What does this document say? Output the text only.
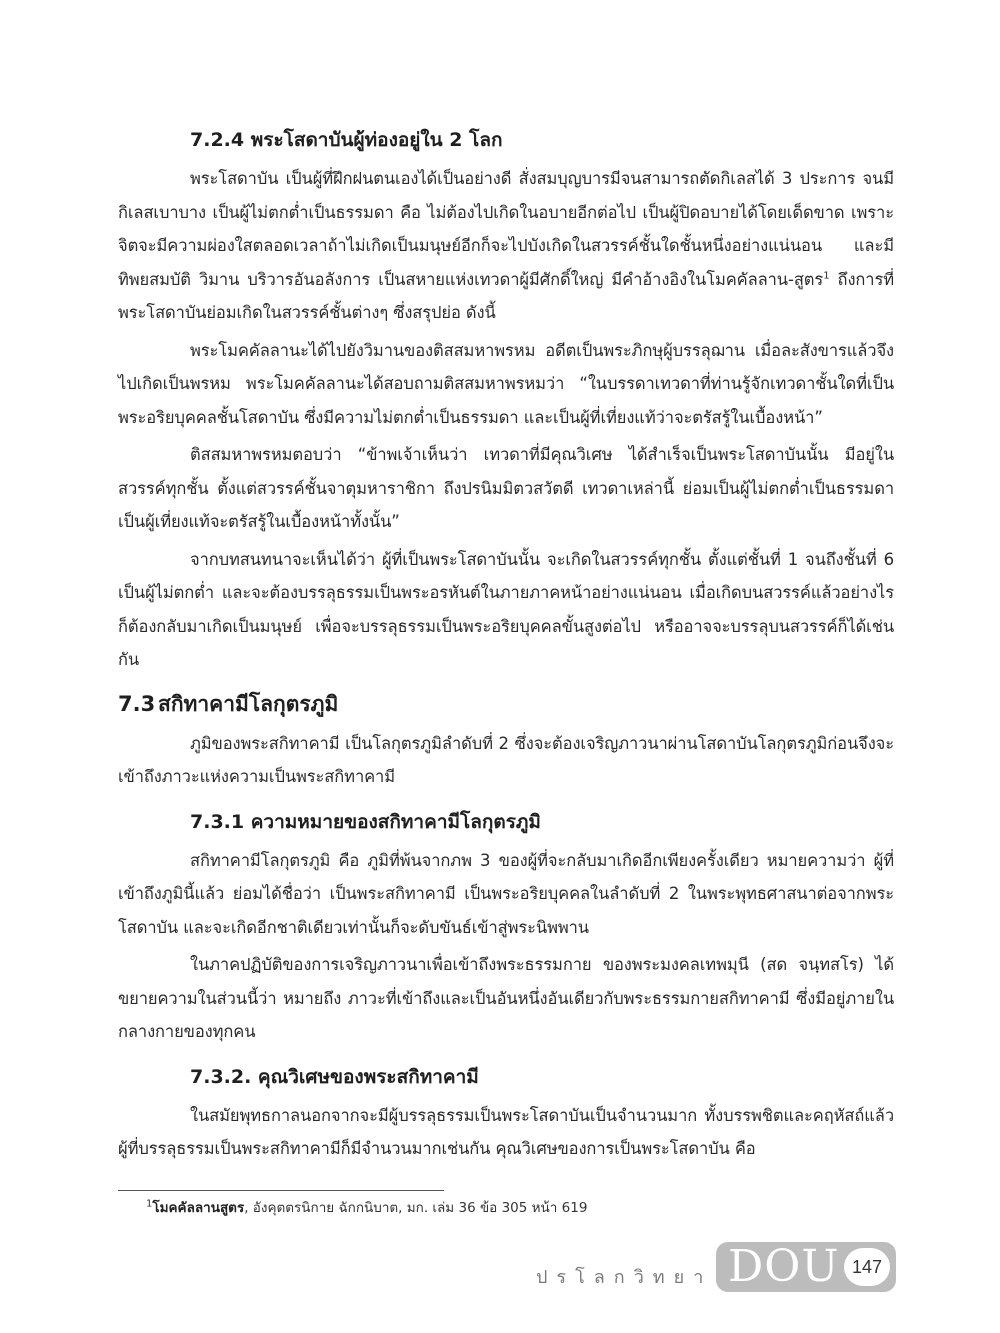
7.2.4 พระโสดาบันผู้ท่องอยู่ใน 2 โลก

พระโสดาบัน เป็นผู้ที่ฝึกฝนตนเองได้เป็นอย่างดี สั่งสมบุญบารมีจนสามารถตัดกิเลสได้ 3 ประการ จนมีกิเลสเบาบาง เป็นผู้ไม่ตกต่ำเป็นธรรมดา คือ ไม่ต้องไปเกิดในอบายอีกต่อไป เป็นผู้ปิดอบายได้โดยเด็ดขาด เพราะจิตจะมีความผ่องใสตลอดเวลาถ้าไม่เกิดเป็นมนุษย์อีกก็จะไปบังเกิดในสวรรค์ชั้นใดชั้นหนึ่งอย่างแน่นอน และมีทิพยสมบัติ วิมาน บริวารอันอลังการ เป็นสหายแห่งเทวดาผู้มีศักดิ์ใหญ่ มีคำอ้างอิงในโมคคัลลาน-สูตร$^1$ ถึงการที่พระโสดาบันย่อมเกิดในสวรรค์ชั้นต่างๆ ซึ่งสรุปย่อ ดังนี้

พระโมคคัลลานะได้ไปยังวิมานของติสสมหาพรหม อดีตเป็นพระภิกษุผู้บรรลุฌาน เมื่อละสังขารแล้วจึงไปเกิดเป็นพรหม พระโมคคัลลานะได้สอบถามติสสมหาพรหมว่า “ในบรรดาเทวดาที่ท่านรู้จักเทวดาชั้นใดที่เป็นพระอริยบุคคลชั้นโสดาบัน ซึ่งมีความไม่ตกต่ำเป็นธรรมดา และเป็นผู้ที่เที่ยงแท้ว่าจะตรัสรู้ในเบื้องหน้า”

ติสสมหาพรหมตอบว่า “ข้าพเจ้าเห็นว่า เทวดาที่มีคุณวิเศษ ได้สำเร็จเป็นพระโสดาบันนั้น มีอยู่ในสวรรค์ทุกชั้น ตั้งแต่สวรรค์ชั้นจาตุมหาราชิกา ถึงปรนิมมิตวสวัตดี เทวดาเหล่านี้ ย่อมเป็นผู้ไม่ตกต่ำเป็นธรรมดา เป็นผู้เที่ยงแท้จะตรัสรู้ในเบื้องหน้าทั้งนั้น”

จากบทสนทนาจะเห็นได้ว่า ผู้ที่เป็นพระโสดาบันนั้น จะเกิดในสวรรค์ทุกชั้น ตั้งแต่ชั้นที่ 1 จนถึงชั้นที่ 6 เป็นผู้ไม่ตกต่ำ และจะต้องบรรลุธรรมเป็นพระอรหันต์ในภายภาคหน้าอย่างแน่นอน เมื่อเกิดบนสวรรค์แล้วอย่างไรก็ต้องกลับมาเกิดเป็นมนุษย์ เพื่อจะบรรลุธรรมเป็นพระอริยบุคคลขั้นสูงต่อไป หรืออาจจะบรรลุบนสวรรค์ก็ได้เช่นกัน

7.3 สกิทาคามีโลกุตรภูมิ

ภูมิของพระสกิทาคามี เป็นโลกุตรภูมิลำดับที่ 2 ซึ่งจะต้องเจริญภาวนาผ่านโสดาบันโลกุตรภูมิก่อนจึงจะเข้าถึงภาวะแห่งความเป็นพระสกิทาคามี

7.3.1 ความหมายของสกิทาคามีโลกุตรภูมิ

สกิทาคามีโลกุตรภูมิ คือ ภูมิที่พ้นจากภพ 3 ของผู้ที่จะกลับมาเกิดอีกเพียงครั้งเดียว หมายความว่า ผู้ที่เข้าถึงภูมินี้แล้ว ย่อมได้ชื่อว่า เป็นพระสกิทาคามี เป็นพระอริยบุคคลในลำดับที่ 2 ในพระพุทธศาสนาต่อจากพระโสดาบัน และจะเกิดอีกชาติเดียวเท่านั้นก็จะดับขันธ์เข้าสู่พระนิพพาน

ในภาคปฏิบัติของการเจริญภาวนาเพื่อเข้าถึงพระธรรมกาย ของพระมงคลเทพมุนี (สด จนฺทสโร) ได้ขยายความในส่วนนี้ว่า หมายถึง ภาวะที่เข้าถึงและเป็นอันหนึ่งอันเดียวกับพระธรรมกายสกิทาคามี ซึ่งมีอยู่ภายในกลางกายของทุกคน

7.3.2. คุณวิเศษของพระสกิทาคามี

ในสมัยพุทธกาลนอกจากจะมีผู้บรรลุธรรมเป็นพระโสดาบันเป็นจำนวนมาก ทั้งบรรพชิตและคฤหัสถ์แล้ว ผู้ที่บรรลุธรรมเป็นพระสกิทาคามีก็มีจำนวนมากเช่นกัน คุณวิเศษของการเป็นพระโสดาบัน คือ

$^1$โมคคัลลานสูตร, อังคุตตรนิกาย ฉักกนิบาต, มก. เล่ม 36 ข้อ 305 หน้า 619
ปรโลกวิทยา DOU 147
